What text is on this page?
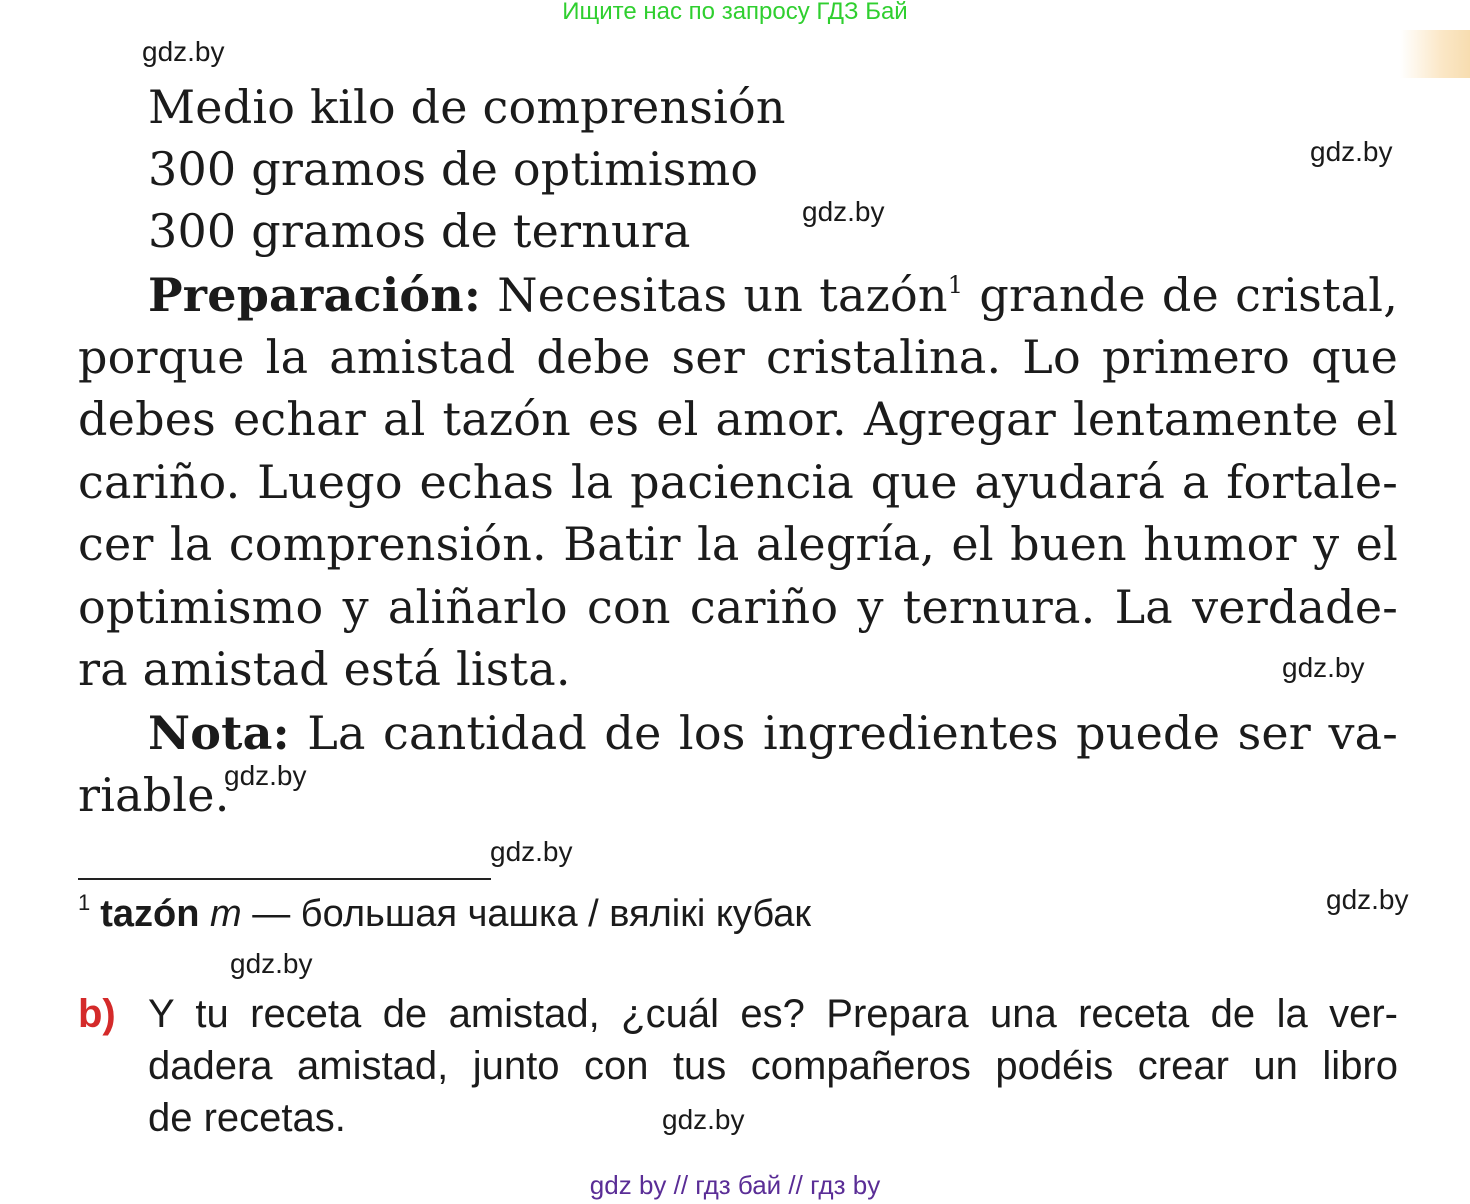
Ищите нас по запросу ГДЗ Бай
gdz.by
gdz.by
gdz.by
gdz.by
gdz.by
gdz.by
gdz.by
gdz.by
gdz.by
Medio kilo de comprensión
300 gramos de optimismo
300 gramos de ternura
Preparación: Necesitas un tazón$^1$ grande de cristal,
porque la amistad debe ser cristalina. Lo primero que
debes echar al tazón es el amor. Agregar lentamente el
cariño. Luego echas la paciencia que ayudará a fortale-
cer la comprensión. Batir la alegría, el buen humor y el
optimismo y aliñarlo con cariño y ternura. La verdade-
ra amistad está lista.
Nota: La cantidad de los ingredientes puede ser va-
riable.
$^1$ tazón m — большая чашка / вялікі кубак
b) Y tu receta de amistad, ¿cuál es? Prepara una receta de la ver-
dadera amistad, junto con tus compañeros podéis crear un libro
de recetas.
gdz by // гдз бай // гдз by
